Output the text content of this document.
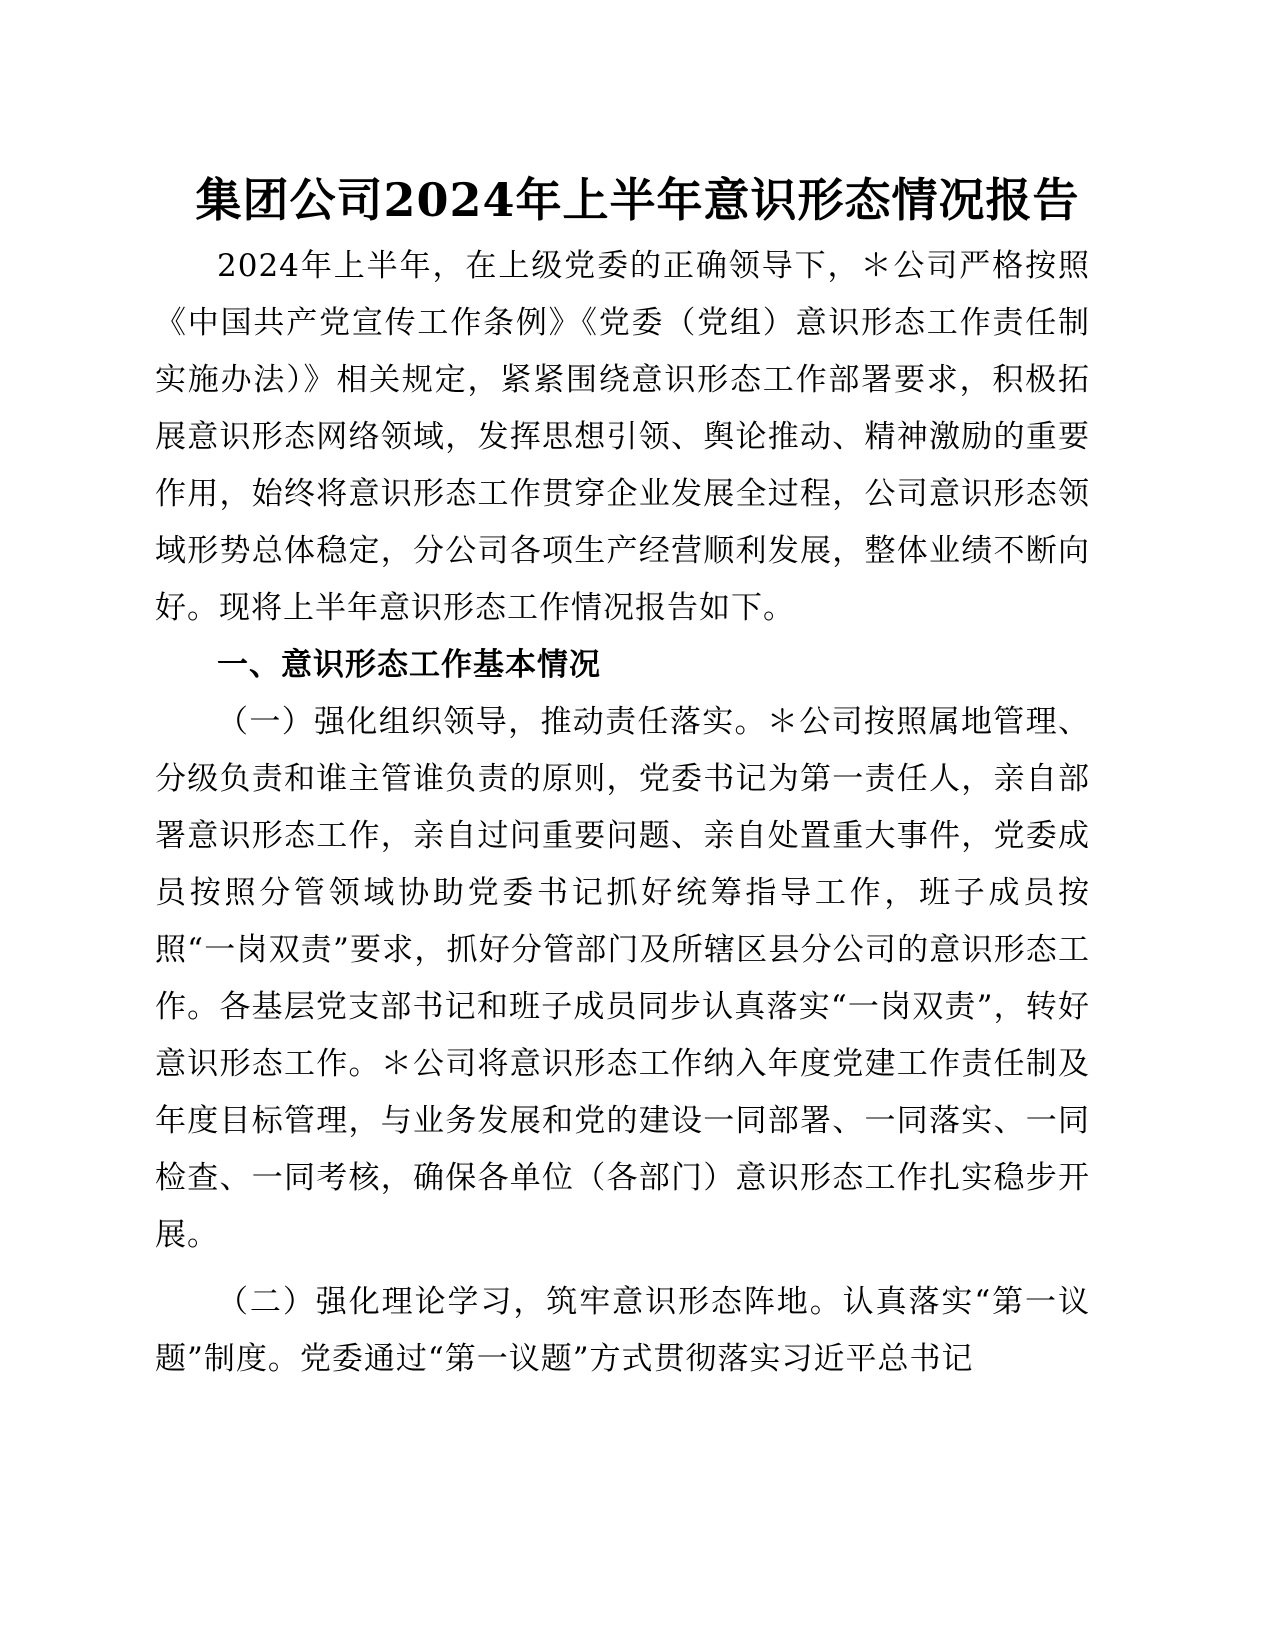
集团公司2024年上半年意识形态情况报告

2024年上半年，在上级党委的正确领导下，＊公司严格按照《中国共产党宣传工作条例》《党委（党组）意识形态工作责任制实施办法）》相关规定，紧紧围绕意识形态工作部署要求，积极拓展意识形态网络领域，发挥思想引领、舆论推动、精神激励的重要作用，始终将意识形态工作贯穿企业发展全过程，公司意识形态领域形势总体稳定，分公司各项生产经营顺利发展，整体业绩不断向好。现将上半年意识形态工作情况报告如下。

一、意识形态工作基本情况

（一）强化组织领导，推动责任落实。＊公司按照属地管理、分级负责和谁主管谁负责的原则，党委书记为第一责任人，亲自部署意识形态工作，亲自过问重要问题、亲自处置重大事件，党委成员按照分管领域协助党委书记抓好统筹指导工作，班子成员按照“一岗双责”要求，抓好分管部门及所辖区县分公司的意识形态工作。各基层党支部书记和班子成员同步认真落实“一岗双责”，转好意识形态工作。＊公司将意识形态工作纳入年度党建工作责任制及年度目标管理，与业务发展和党的建设一同部署、一同落实、一同检查、一同考核，确保各单位（各部门）意识形态工作扎实稳步开展。

（二）强化理论学习，筑牢意识形态阵地。认真落实“第一议题”制度。党委通过“第一议题”方式贯彻落实习近平总书记
